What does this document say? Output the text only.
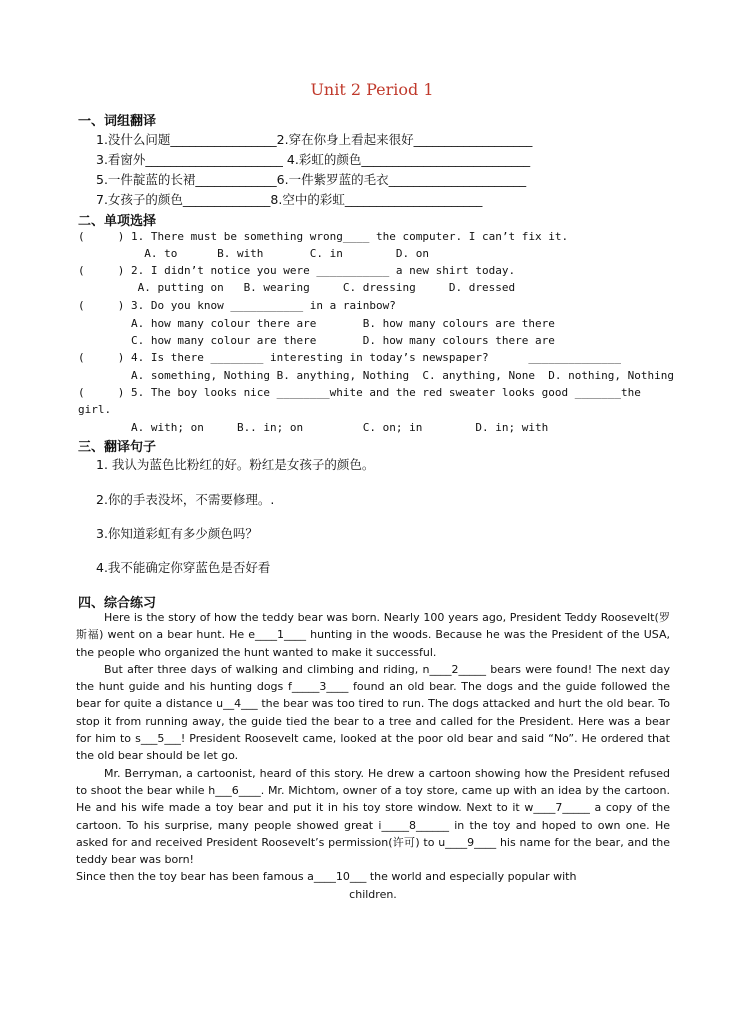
Unit 2 Period 1
一、词组翻译
1.没什么问题_________________2.穿在你身上看起来很好___________________
3.看窗外______________________ 4.彩虹的颜色___________________________
5.一件靛蓝的长裙_____________6.一件紫罗蓝的毛衣______________________
7.女孩子的颜色______________8.空中的彩虹______________________
二、单项选择
(     ) 1. There must be something wrong____ the computer. I can’t fix it.
A. to      B. with       C. in        D. on
(     ) 2. I didn’t notice you were ___________ a new shirt today.
A. putting on   B. wearing     C. dressing     D. dressed
(     ) 3. Do you know ___________ in a rainbow?
A. how many colour there are       B. how many colours are there
C. how many colour are there       D. how many colours there are
(     ) 4. Is there ________ interesting in today’s newspaper?      ______________
A. something, Nothing B. anything, Nothing  C. anything, None  D. nothing, Nothing
(     ) 5. The boy looks nice ________white and the red sweater looks good _______the
girl.
A. with; on     B.. in; on         C. on; in        D. in; with
三、翻译句子
1. 我认为蓝色比粉红的好。粉红是女孩子的颜色。
2.你的手表没坏，不需要修理。.
3.你知道彩虹有多少颜色吗？
4.我不能确定你穿蓝色是否好看
四、综合练习

Here is the story of how the teddy bear was born. Nearly 100 years ago, President Teddy Roosevelt(罗斯福) went on a bear hunt. He e____1____ hunting in the woods. Because he was the President of the USA, the people who organized the hunt wanted to make it successful.

But after three days of walking and climbing and riding, n____2_____ bears were found! The next day the hunt guide and his hunting dogs f_____3____ found an old bear. The dogs and the guide followed the bear for quite a distance u__4___ the bear was too tired to run. The dogs attacked and hurt the old bear. To stop it from running away, the guide tied the bear to a tree and called for the President. Here was a bear for him to s___5___! President Roosevelt came, looked at the poor old bear and said “No”. He ordered that the old bear should be let go.

Mr. Berryman, a cartoonist, heard of this story. He drew a cartoon showing how the President refused to shoot the bear while h___6____. Mr. Michtom, owner of a toy store, came up with an idea by the cartoon. He and his wife made a toy bear and put it in his toy store window. Next to it w____7_____ a copy of the cartoon. To his surprise, many people showed great i_____8______ in the toy and hoped to own one. He asked for and received President Roosevelt’s permission(许可) to u____9____ his name for the bear, and the teddy bear was born!

Since then the toy bear has been famous a____10___ the world and especially popular with

children.
